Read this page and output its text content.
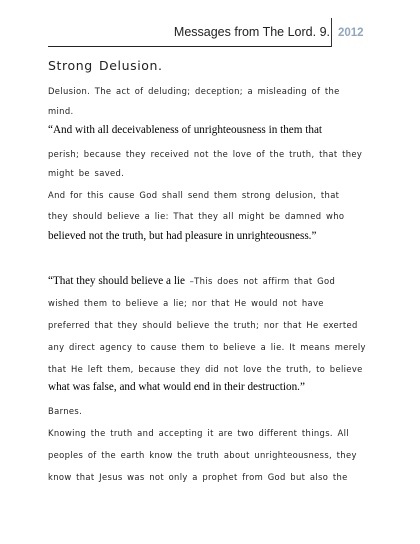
Messages from The Lord. 9. 2012
Strong Delusion.
Delusion. The act of deluding; deception; a misleading of the
mind.
“And with all deceivableness of unrighteousness in them that
perish; because they received not the love of the truth, that they
might be saved.
And for this cause God shall send them strong delusion, that
they should believe a lie: That they all might be damned who
believed not the truth, but had pleasure in unrighteousness.”
“That they should believe a lie –This does not affirm that God
wished them to believe a lie; nor that He would not have
preferred that they should believe the truth; nor that He exerted
any direct agency to cause them to believe a lie. It means merely
that He left them, because they did not love the truth, to believe
what was false, and what would end in their destruction.”
Barnes.
Knowing the truth and accepting it are two different things. All
peoples of the earth know the truth about unrighteousness, they
know that Jesus was not only a prophet from God but also the
